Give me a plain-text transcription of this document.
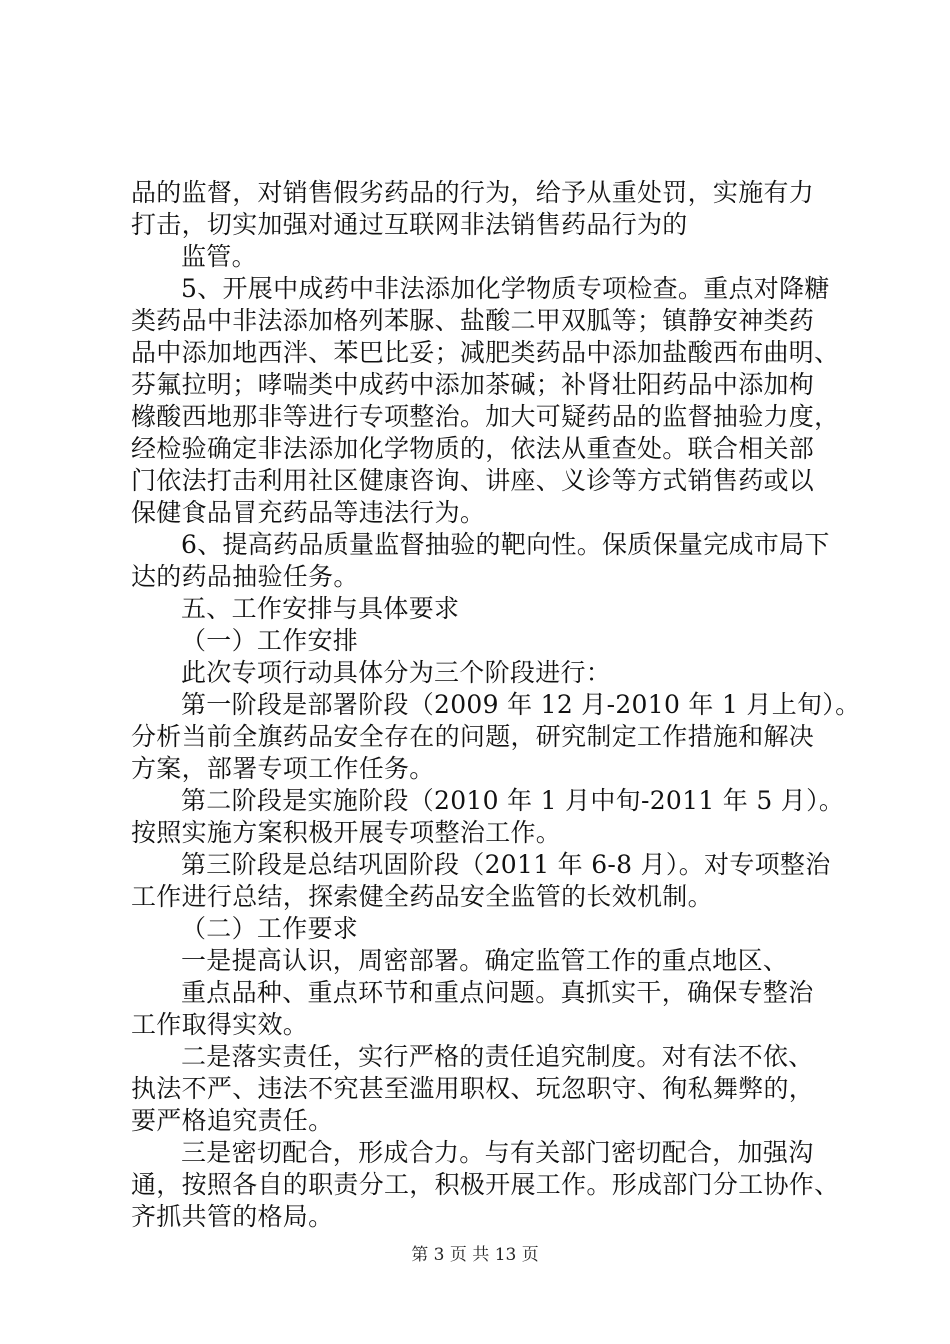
品的监督，对销售假劣药品的行为，给予从重处罚，实施有力
打击，切实加强对通过互联网非法销售药品行为的
监管。
5、开展中成药中非法添加化学物质专项检查。重点对降糖
类药品中非法添加格列苯脲、盐酸二甲双胍等；镇静安神类药
品中添加地西泮、苯巴比妥；减肥类药品中添加盐酸西布曲明、
芬氟拉明；哮喘类中成药中添加茶碱；补肾壮阳药品中添加枸
橼酸西地那非等进行专项整治。加大可疑药品的监督抽验力度，
经检验确定非法添加化学物质的，依法从重查处。联合相关部
门依法打击利用社区健康咨询、讲座、义诊等方式销售药或以
保健食品冒充药品等违法行为。
6、提高药品质量监督抽验的靶向性。保质保量完成市局下
达的药品抽验任务。
五、工作安排与具体要求
（一）工作安排
此次专项行动具体分为三个阶段进行：
第一阶段是部署阶段（2009 年 12 月-2010 年 1 月上旬）。
分析当前全旗药品安全存在的问题，研究制定工作措施和解决
方案，部署专项工作任务。
第二阶段是实施阶段（2010 年 1 月中旬-2011 年 5 月）。
按照实施方案积极开展专项整治工作。
第三阶段是总结巩固阶段（2011 年 6-8 月）。对专项整治
工作进行总结，探索健全药品安全监管的长效机制。
（二）工作要求
一是提高认识，周密部署。确定监管工作的重点地区、
重点品种、重点环节和重点问题。真抓实干，确保专整治
工作取得实效。
二是落实责任，实行严格的责任追究制度。对有法不依、
执法不严、违法不究甚至滥用职权、玩忽职守、徇私舞弊的，
要严格追究责任。
三是密切配合，形成合力。与有关部门密切配合，加强沟
通，按照各自的职责分工，积极开展工作。形成部门分工协作、
齐抓共管的格局。
第 3 页 共 13 页
